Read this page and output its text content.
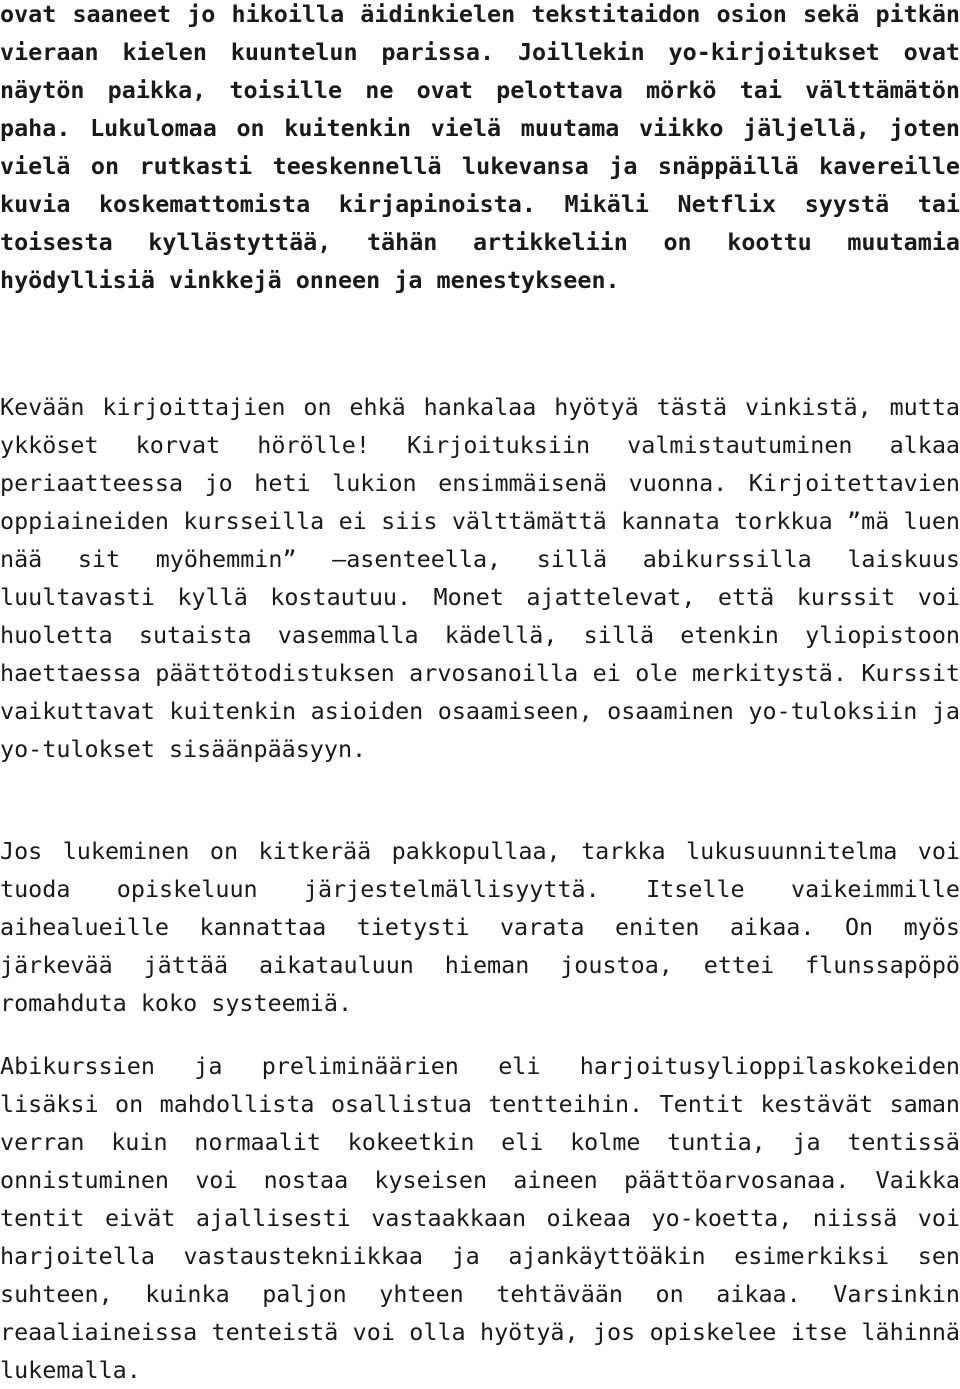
ovat saaneet jo hikoilla äidinkielen tekstitaidon osion sekä pitkän vieraan kielen kuuntelun parissa. Joillekin yo-kirjoitukset ovat näytön paikka, toisille ne ovat pelottava mörkö tai välttämätön paha. Lukulomaa on kuitenkin vielä muutama viikko jäljellä, joten vielä on rutkasti teeskennellä lukevansa ja snäppäillä kavereille kuvia koskemattomista kirjapinoista. Mikäli Netflix syystä tai toisesta kyllästyttää, tähän artikkeliin on koottu muutamia hyödyllisiä vinkkejä onneen ja menestykseen.

Kevään kirjoittajien on ehkä hankalaa hyötyä tästä vinkistä, mutta ykköset korvat hörölle! Kirjoituksiin valmistautuminen alkaa periaatteessa jo heti lukion ensimmäisenä vuonna. Kirjoitettavien oppiaineiden kursseilla ei siis välttämättä kannata torkkua ”mä luen nää sit myöhemmin” –asenteella, sillä abikurssilla laiskuus luultavasti kyllä kostautuu. Monet ajattelevat, että kurssit voi huoletta sutaista vasemmalla kädellä, sillä etenkin yliopistoon haettaessa päättötodistuksen arvosanoilla ei ole merkitystä. Kurssit vaikuttavat kuitenkin asioiden osaamiseen, osaaminen yo-tuloksiin ja yo-tulokset sisäänpääsyyn.

Jos lukeminen on kitkerää pakkopullaa, tarkka lukusuunnitelma voi tuoda opiskeluun järjestelmällisyyttä. Itselle vaikeimmille aihealueille kannattaa tietysti varata eniten aikaa. On myös järkevää jättää aikatauluun hieman joustoa, ettei flunssapöpö romahduta koko systeemiä.

Abikurssien ja preliminäärien eli harjoitusylioppilaskokeiden lisäksi on mahdollista osallistua tentteihin. Tentit kestävät saman verran kuin normaalit kokeetkin eli kolme tuntia, ja tentissä onnistuminen voi nostaa kyseisen aineen päättöarvosanaa. Vaikka tentit eivät ajallisesti vastaakkaan oikeaa yo-koetta, niissä voi harjoitella vastaustekniikkaa ja ajankäyttöäkin esimerkiksi sen suhteen, kuinka paljon yhteen tehtävään on aikaa. Varsinkin reaaliaineissa tenteistä voi olla hyötyä, jos opiskelee itse lähinnä lukemalla.
